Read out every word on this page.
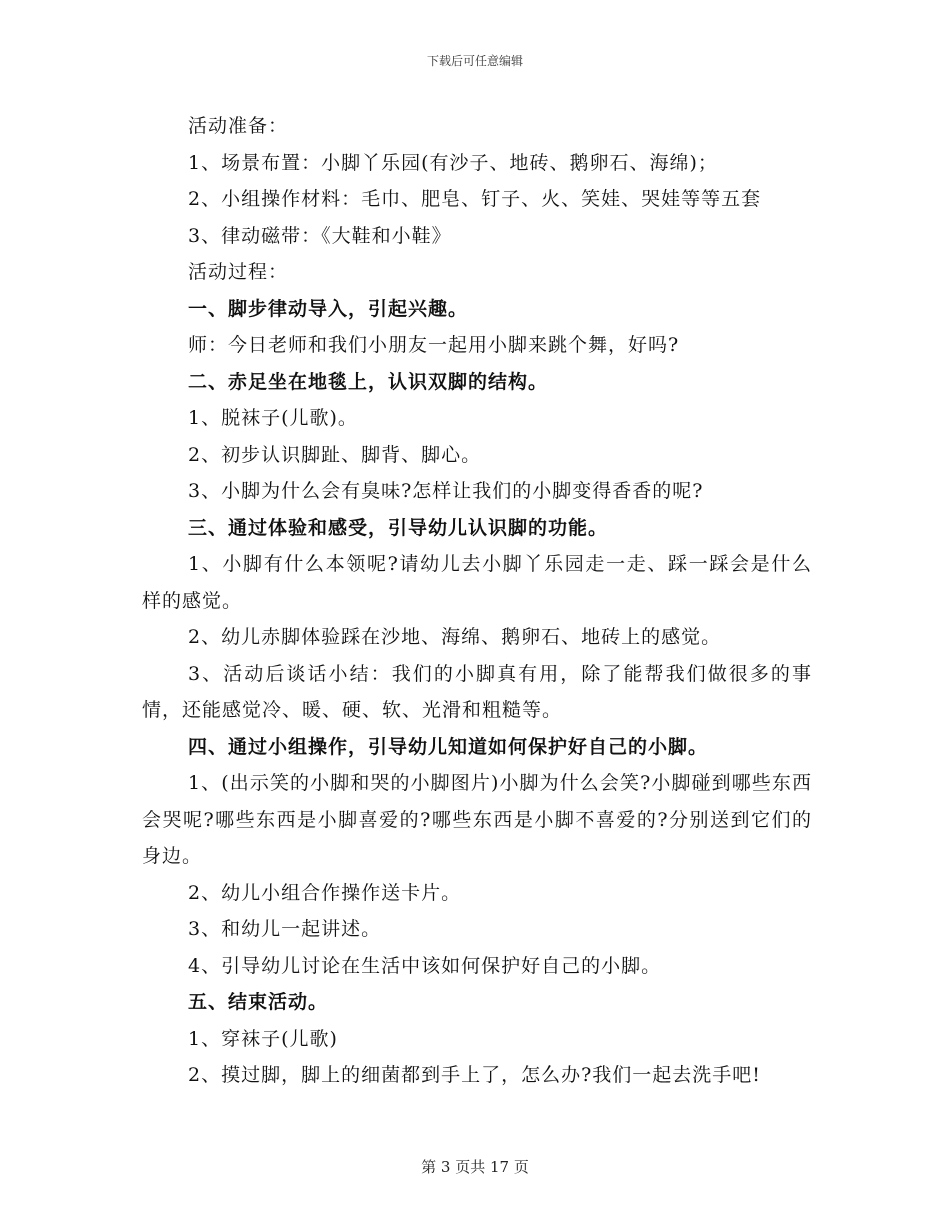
下载后可任意编辑

活动准备：

1、场景布置：小脚丫乐园(有沙子、地砖、鹅卵石、海绵)；

2、小组操作材料：毛巾、肥皂、钉子、火、笑娃、哭娃等等五套

3、律动磁带：《大鞋和小鞋》

活动过程：

一、脚步律动导入，引起兴趣。

师：今日老师和我们小朋友一起用小脚来跳个舞，好吗?

二、赤足坐在地毯上，认识双脚的结构。

1、脱袜子(儿歌)。

2、初步认识脚趾、脚背、脚心。

3、小脚为什么会有臭味?怎样让我们的小脚变得香香的呢?

三、通过体验和感受，引导幼儿认识脚的功能。

1、小脚有什么本领呢?请幼儿去小脚丫乐园走一走、踩一踩会是什么样的感觉。

2、幼儿赤脚体验踩在沙地、海绵、鹅卵石、地砖上的感觉。

3、活动后谈话小结：我们的小脚真有用，除了能帮我们做很多的事情，还能感觉冷、暖、硬、软、光滑和粗糙等。

四、通过小组操作，引导幼儿知道如何保护好自己的小脚。

1、(出示笑的小脚和哭的小脚图片)小脚为什么会笑?小脚碰到哪些东西会哭呢?哪些东西是小脚喜爱的?哪些东西是小脚不喜爱的?分别送到它们的身边。

2、幼儿小组合作操作送卡片。

3、和幼儿一起讲述。

4、引导幼儿讨论在生活中该如何保护好自己的小脚。

五、结束活动。

1、穿袜子(儿歌)

2、摸过脚，脚上的细菌都到手上了，怎么办?我们一起去洗手吧!

第 3 页共 17 页
